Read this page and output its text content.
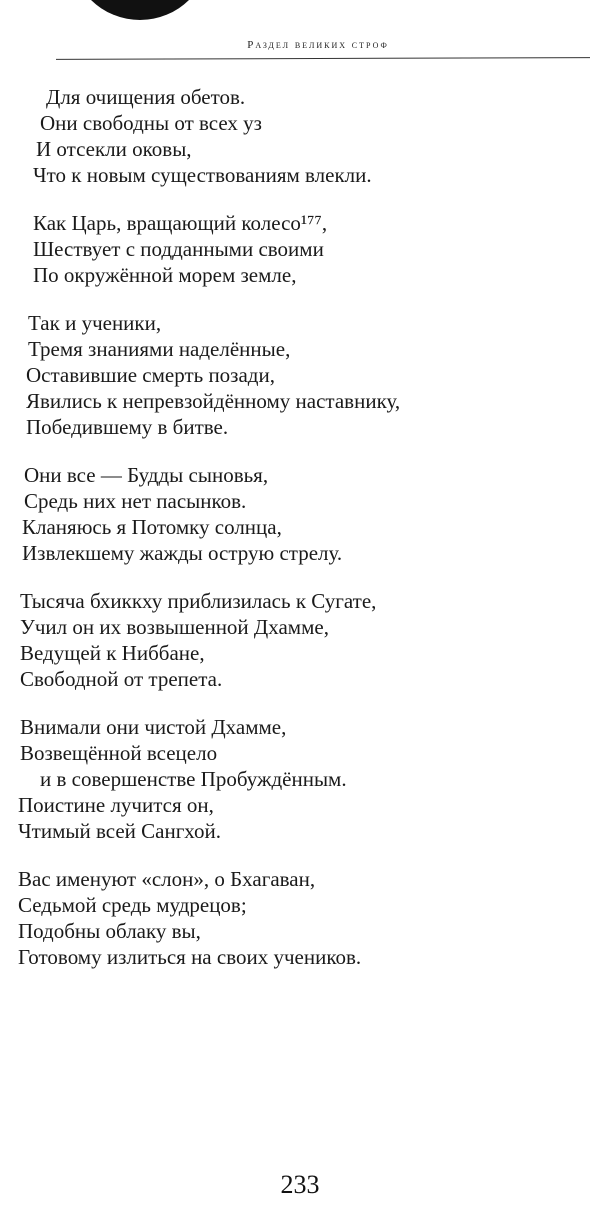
Раздел великих строф
Для очищения обетов.
Они свободны от всех уз
И отсекли оковы,
Что к новым существованиям влекли.
Как Царь, вращающий колесо¹⁷⁷,
Шествует с подданными своими
По окружённой морем земле,
Так и ученики,
Тремя знаниями наделённые,
Оставившие смерть позади,
Явились к непревзойдённому наставнику,
Победившему в битве.
Они все — Будды сыновья,
Средь них нет пасынков.
Кланяюсь я Потомку солнца,
Извлекшему жажды острую стрелу.
Тысяча бхиккху приблизилась к Сугате,
Учил он их возвышенной Дхамме,
Ведущей к Ниббане,
Свободной от трепета.
Внимали они чистой Дхамме,
Возвещённой всецело
и в совершенстве Пробуждённым.
Поистине лучится он,
Чтимый всей Сангхой.
Вас именуют «слон», о Бхагаван,
Седьмой средь мудрецов;
Подобны облаку вы,
Готовому излиться на своих учеников.
233
